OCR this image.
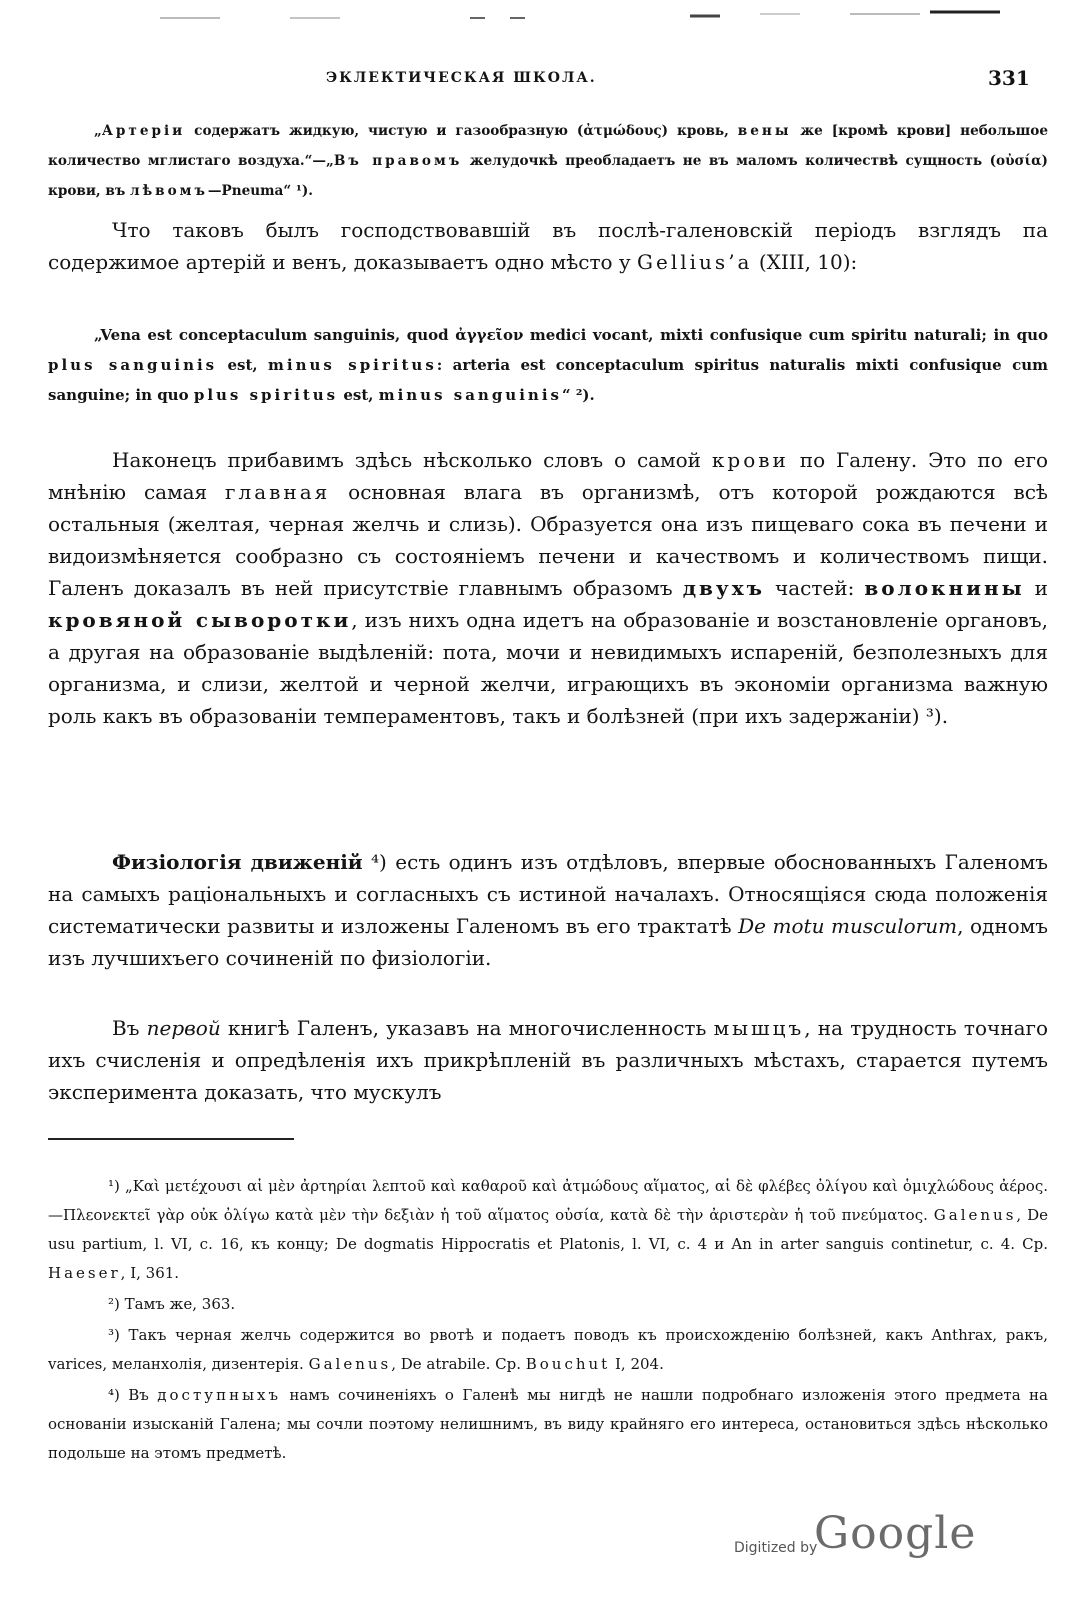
ЭКЛЕКТИЧЕСКАЯ ШКОЛА.	331

„Артерiи содержатъ жидкую, чистую и газообразную (ἀτμώδους) кровь, вены же [кромѣ крови] небольшое количество мглистаго воздуха.“—„Въ правомъ желудочкѣ преобладаетъ не въ маломъ количествѣ сущность (οὐσία) крови, въ лѣвомъ—Pneuma“ ¹).

Что таковъ былъ господствовавшiй въ послѣ-галеновскiй перiодъ взглядъ па содержимое артерiй и венъ, доказываетъ одно мѣсто у Gellius’a (XIII, 10):

„Vena est conceptaculum sanguinis, quod ἀγγεῖον medici vocant, mixti confusique cum spiritu naturali; in quo plus sanguinis est, minus spiritus: arteria est conceptaculum spiritus naturalis mixti confusique cum sanguine; in quo plus spiritus est, minus sanguinis“ ²).

Наконецъ прибавимъ здѣсь нѣсколько словъ о самой крови по Галену. Это по его мнѣнiю самая главная основная влага въ организмѣ, отъ которой рождаются всѣ остальныя (желтая, черная желчь и слизь). Образуется она изъ пищеваго сока въ печени и видоизмѣняется сообразно съ состоянiемъ печени и качествомъ и количествомъ пищи. Галенъ доказалъ въ ней присутствiе главнымъ образомъ двухъ частей: волокнины и кровяной сыворотки, изъ нихъ одна идетъ на образованiе и возстановленiе органовъ, а другая на образованiе выдѣленiй: пота, мочи и невидимыхъ испаренiй, безполезныхъ для организма, и слизи, желтой и черной желчи, играющихъ въ экономiи организма важную роль какъ въ образованiи темпераментовъ, такъ и болѣзней (при ихъ задержанiи) ³).

Физiологiя движенiй ⁴) есть одинъ изъ отдѣловъ, впервые обоснованныхъ Галеномъ на самыхъ рацiональныхъ и согласныхъ съ истиной началахъ. Относящiяся сюда положенiя систематически развиты и изложены Галеномъ въ его трактатѣ De motu musculorum, одномъ изъ лучшихъего сочиненiй по физiологiи.

Въ первой книгѣ Галенъ, указавъ на многочисленность мышцъ, на трудность точнаго ихъ счисленiя и опредѣленiя ихъ прикрѣпленiй въ различныхъ мѣстахъ, старается путемъ эксперимента доказать, что мускулъ

¹) „Καὶ μετέχουσι αἱ μὲν ἀρτηρίαι λεπτοῦ καὶ καθαροῦ καὶ ἀτμώδους αἵματος, αἱ δὲ φλέβες ὀλίγου καὶ ὁμιχλώδους ἀέρος.—Πλεονεκτεῖ γὰρ οὐκ ὀλίγω κατὰ μὲν τὴν δεξιὰν ἡ τοῦ αἵματος οὐσία, κατὰ δὲ τὴν ἀριστερὰν ἡ τοῦ πνεύματος. Galenus, De usu partium, l. VI, c. 16, къ концу; De dogmatis Hippocratis et Platonis, l. VI, c. 4 и An in arter sanguis continetur, c. 4. Ср. Haeser, I, 361.

²) Тамъ же, 363.

³) Такъ черная желчь содержится во рвотѣ и подаетъ поводъ къ происхожденiю болѣзней, какъ Anthrax, ракъ, varices, меланхолiя, дизентерiя. Galenus, De atrabile. Ср. Bouchut I, 204.

⁴) Въ доступныхъ намъ сочиненiяхъ о Галенѣ мы нигдѣ не нашли подробнаго изложенiя этого предмета на основанiи изысканiй Галена; мы сочли поэтому нелишнимъ, въ виду крайняго его интереса, остановиться здѣсь нѣсколько подольше на этомъ предметѣ.

Digitized by
Google
